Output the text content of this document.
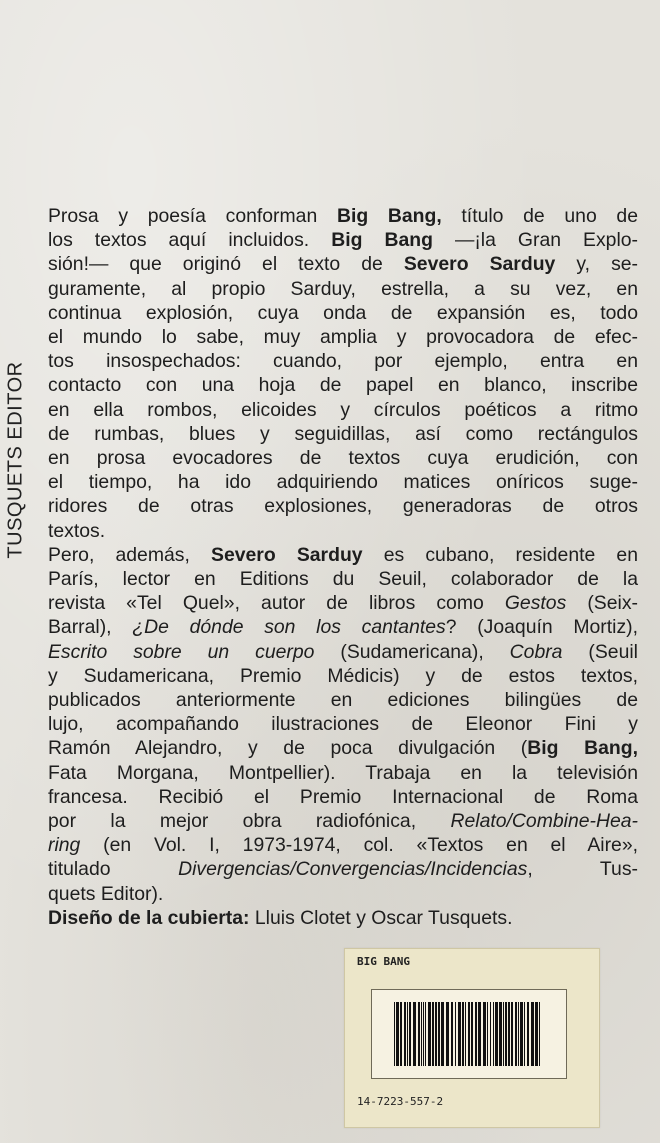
TUSQUETS EDITOR
Prosa y poesía conforman Big Bang, título de uno de
los textos aquí incluidos. Big Bang —¡la Gran Explo-
sión!— que originó el texto de Severo Sarduy y, se-
guramente, al propio Sarduy, estrella, a su vez, en
continua explosión, cuya onda de expansión es, todo
el mundo lo sabe, muy amplia y provocadora de efec-
tos insospechados: cuando, por ejemplo, entra en
contacto con una hoja de papel en blanco, inscribe
en ella rombos, elicoides y círculos poéticos a ritmo
de rumbas, blues y seguidillas, así como rectángulos
en prosa evocadores de textos cuya erudición, con
el tiempo, ha ido adquiriendo matices oníricos suge-
ridores de otras explosiones, generadoras de otros
textos.
Pero, además, Severo Sarduy es cubano, residente en
París, lector en Editions du Seuil, colaborador de la
revista «Tel Quel», autor de libros como Gestos (Seix-
Barral), ¿De dónde son los cantantes? (Joaquín Mortiz),
Escrito sobre un cuerpo (Sudamericana), Cobra (Seuil
y Sudamericana, Premio Médicis) y de estos textos,
publicados anteriormente en ediciones bilingües de
lujo, acompañando ilustraciones de Eleonor Fini y
Ramón Alejandro, y de poca divulgación (Big Bang,
Fata Morgana, Montpellier). Trabaja en la televisión
francesa. Recibió el Premio Internacional de Roma
por la mejor obra radiofónica, Relato/Combine-Hea-
ring (en Vol. I, 1973-1974, col. «Textos en el Aire»,
titulado Divergencias/Convergencias/Incidencias, Tus-
quets Editor).
Diseño de la cubierta: Lluis Clotet y Oscar Tusquets.
BIG BANG
14-7223-557-2
